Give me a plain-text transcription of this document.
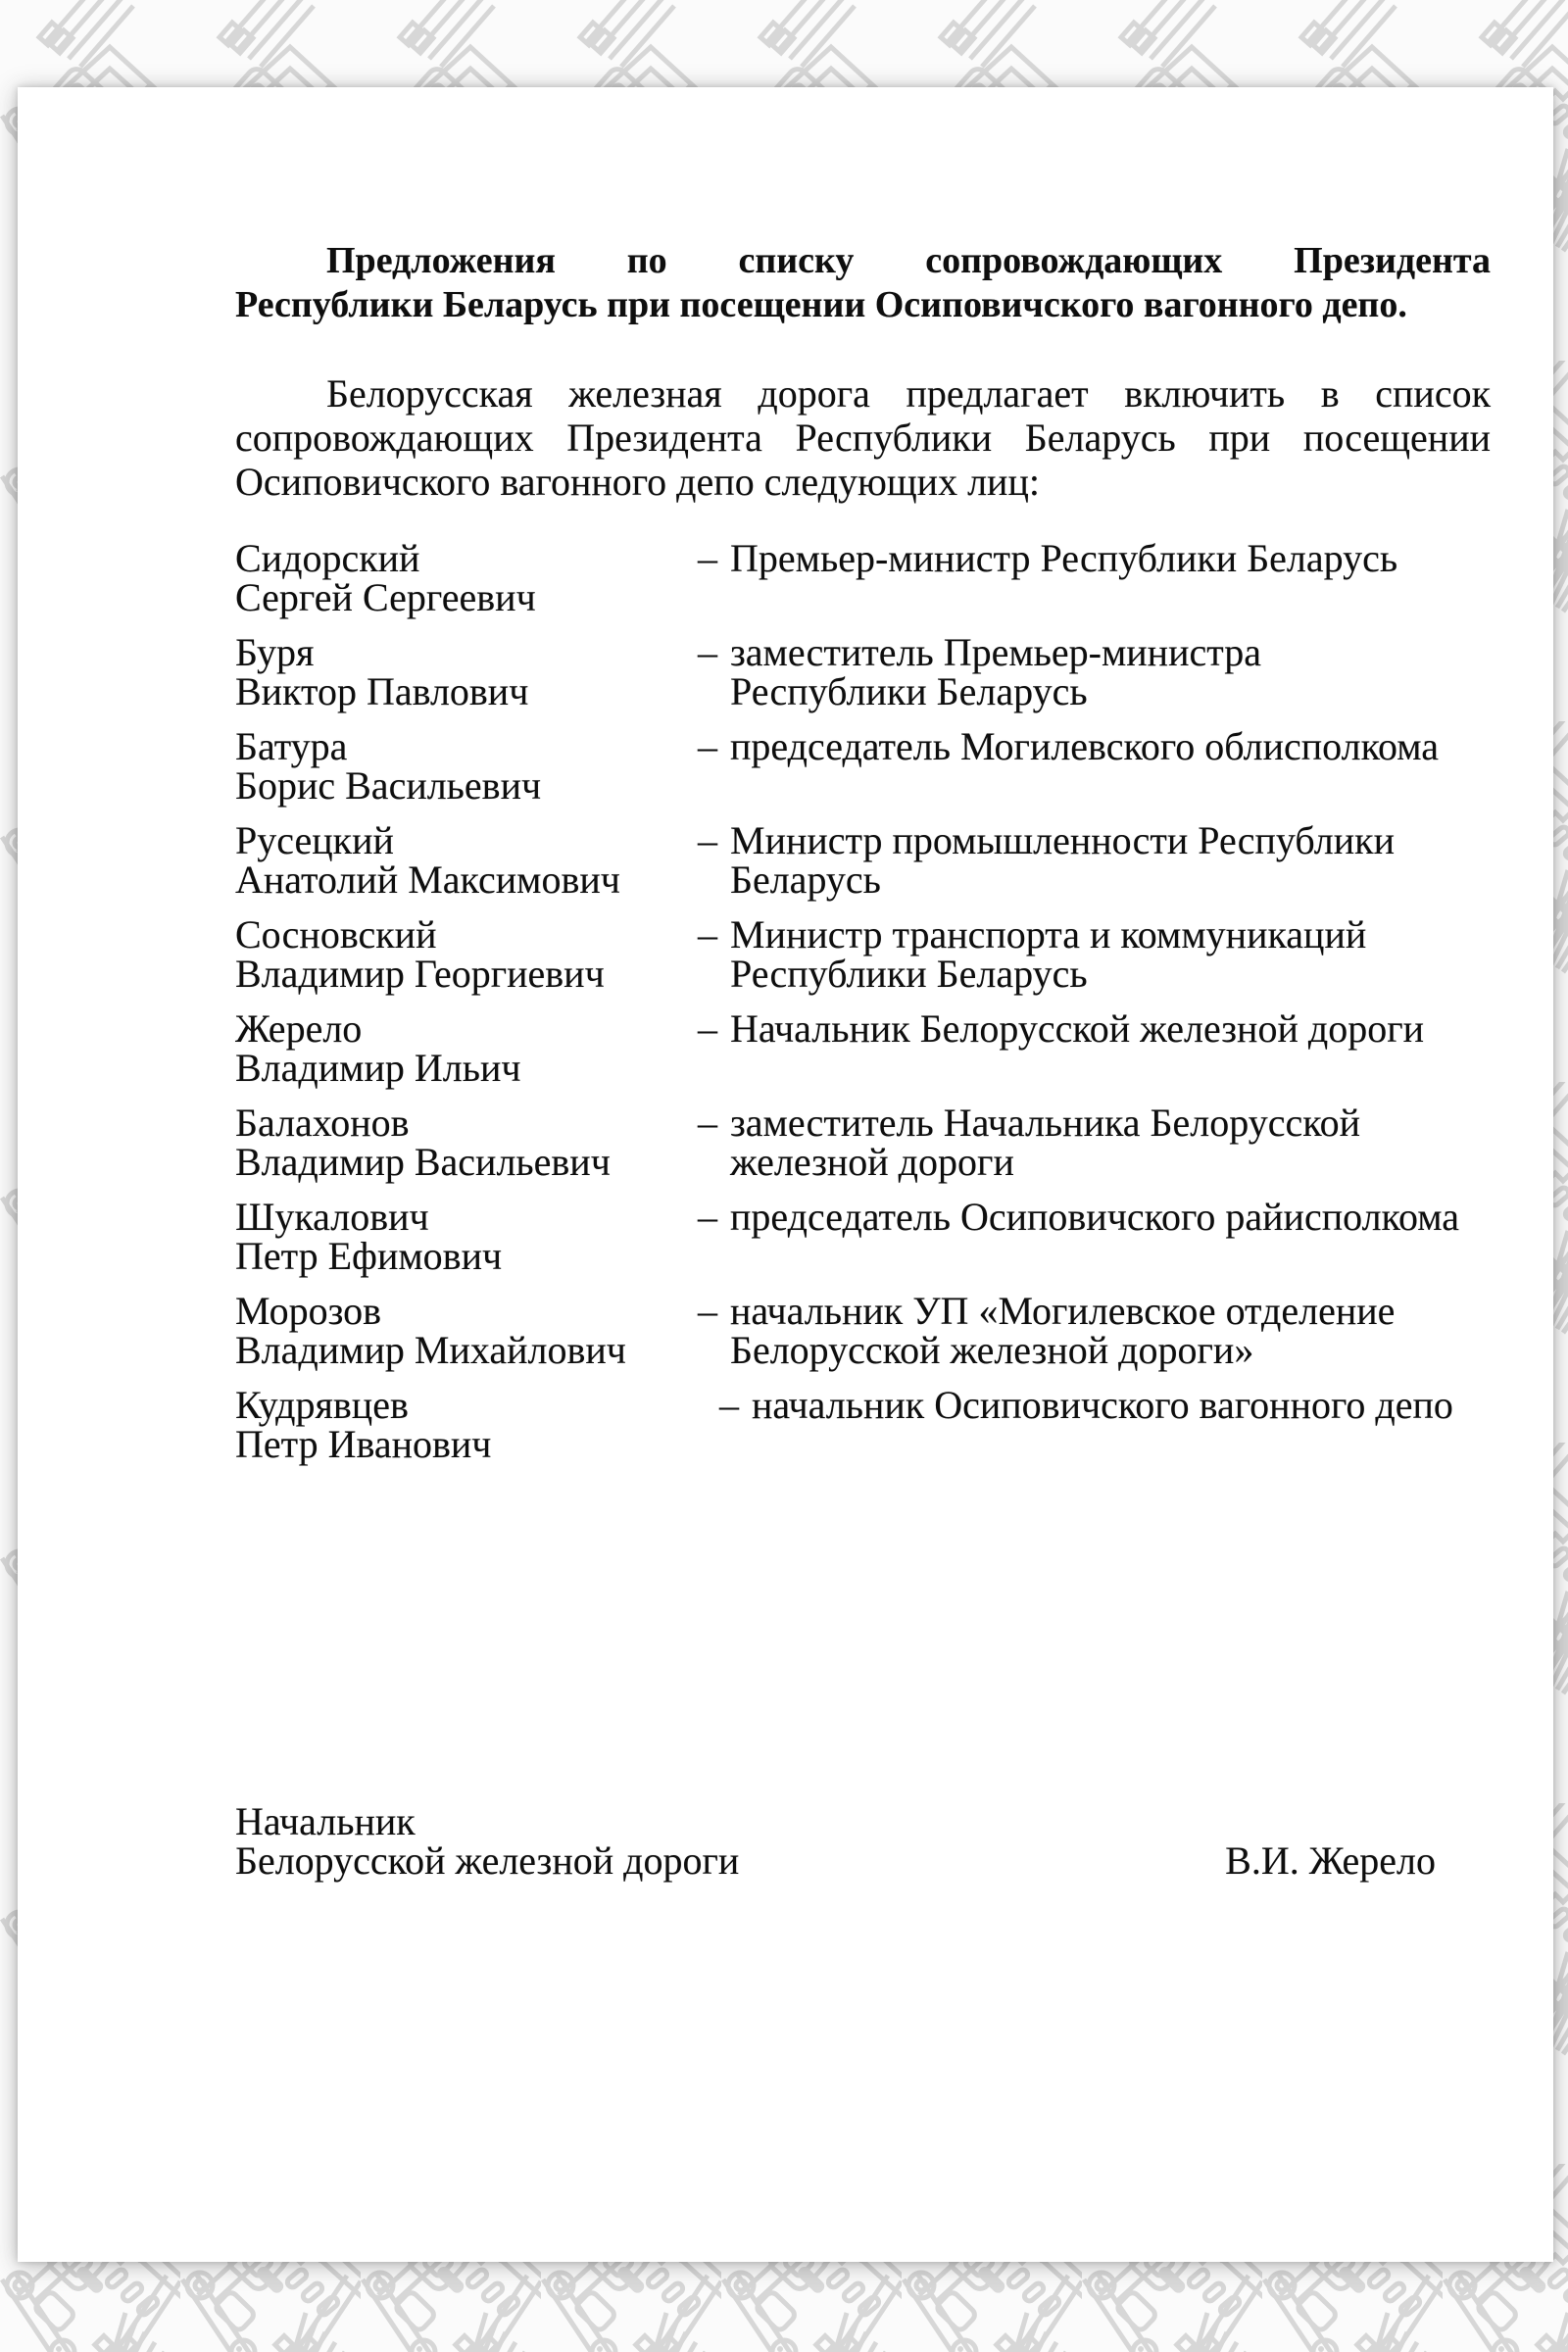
Предложения по списку сопровождающих Президента
Республики Беларусь при посещении Осиповичского вагонного депо.
Белорусская железная дорога предлагает включить в список
сопровождающих Президента Республики Беларусь при посещении
Осиповичского вагонного депо следующих лиц:
Сидорский
Сергей Сергеевич
– Премьер-министр Республики Беларусь
Буря
Виктор Павлович
– заместитель Премьер-министра
Республики Беларусь
Батура
Борис Васильевич
– председатель Могилевского облисполкома
Русецкий
Анатолий Максимович
– Министр промышленности Республики
Беларусь
Сосновский
Владимир Георгиевич
– Министр транспорта и коммуникаций
Республики Беларусь
Жерело
Владимир Ильич
– Начальник Белорусской железной дороги
Балахонов
Владимир Васильевич
– заместитель Начальника Белорусской
железной дороги
Шукалович
Петр Ефимович
– председатель Осиповичского райисполкома
Морозов
Владимир Михайлович
– начальник УП «Могилевское отделение
Белорусской железной дороги»
Кудрявцев
Петр Иванович
– начальник Осиповичского вагонного депо
Начальник
Белорусской железной дороги	В.И. Жерело
